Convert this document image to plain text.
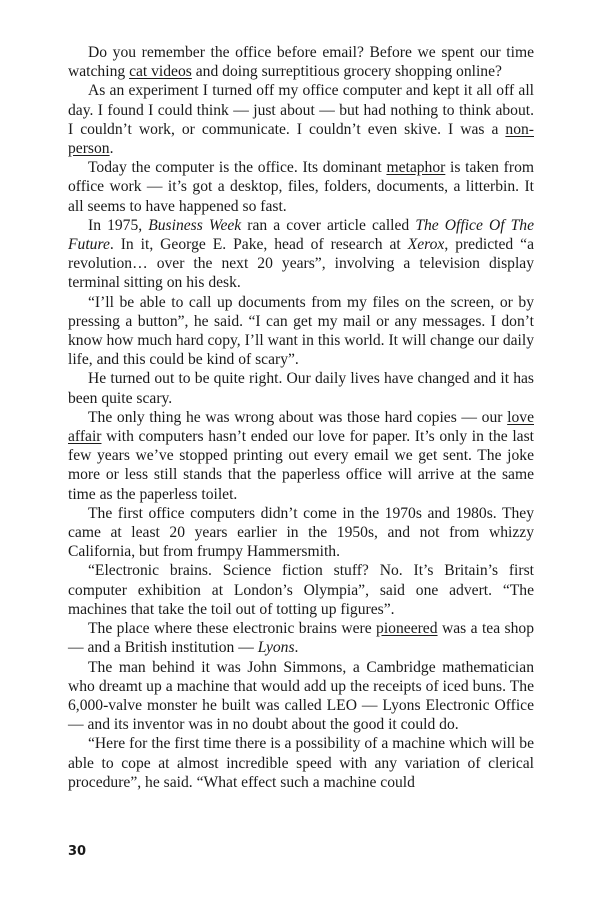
Do you remember the office before email? Before we spent our time watching cat videos and doing surreptitious grocery shopping online?

As an experiment I turned off my office computer and kept it all off all day. I found I could think — just about — but had nothing to think about. I couldn’t work, or communicate. I couldn’t even skive. I was a non-person.

Today the computer is the office. Its dominant metaphor is taken from office work — it’s got a desktop, files, folders, documents, a litterbin. It all seems to have happened so fast.

In 1975, Business Week ran a cover article called The Office Of The Future. In it, George E. Pake, head of research at Xerox, predicted “a revolution… over the next 20 years”, involving a television display terminal sitting on his desk.

“I’ll be able to call up documents from my files on the screen, or by pressing a button”, he said. “I can get my mail or any messages. I don’t know how much hard copy, I’ll want in this world. It will change our daily life, and this could be kind of scary”.

He turned out to be quite right. Our daily lives have changed and it has been quite scary.

The only thing he was wrong about was those hard copies — our love affair with computers hasn’t ended our love for paper. It’s only in the last few years we’ve stopped printing out every email we get sent. The joke more or less still stands that the paperless office will arrive at the same time as the paperless toilet.

The first office computers didn’t come in the 1970s and 1980s. They came at least 20 years earlier in the 1950s, and not from whizzy California, but from frumpy Hammersmith.

“Electronic brains. Science fiction stuff? No. It’s Britain’s first computer exhibition at London’s Olympia”, said one advert. “The machines that take the toil out of totting up figures”.

The place where these electronic brains were pioneered was a tea shop — and a British institution — Lyons.

The man behind it was John Simmons, a Cambridge mathematician who dreamt up a machine that would add up the receipts of iced buns. The 6,000-valve monster he built was called LEO — Lyons Electronic Office — and its inventor was in no doubt about the good it could do.

“Here for the first time there is a possibility of a machine which will be able to cope at almost incredible speed with any variation of clerical procedure”, he said. “What effect such a machine could

30
